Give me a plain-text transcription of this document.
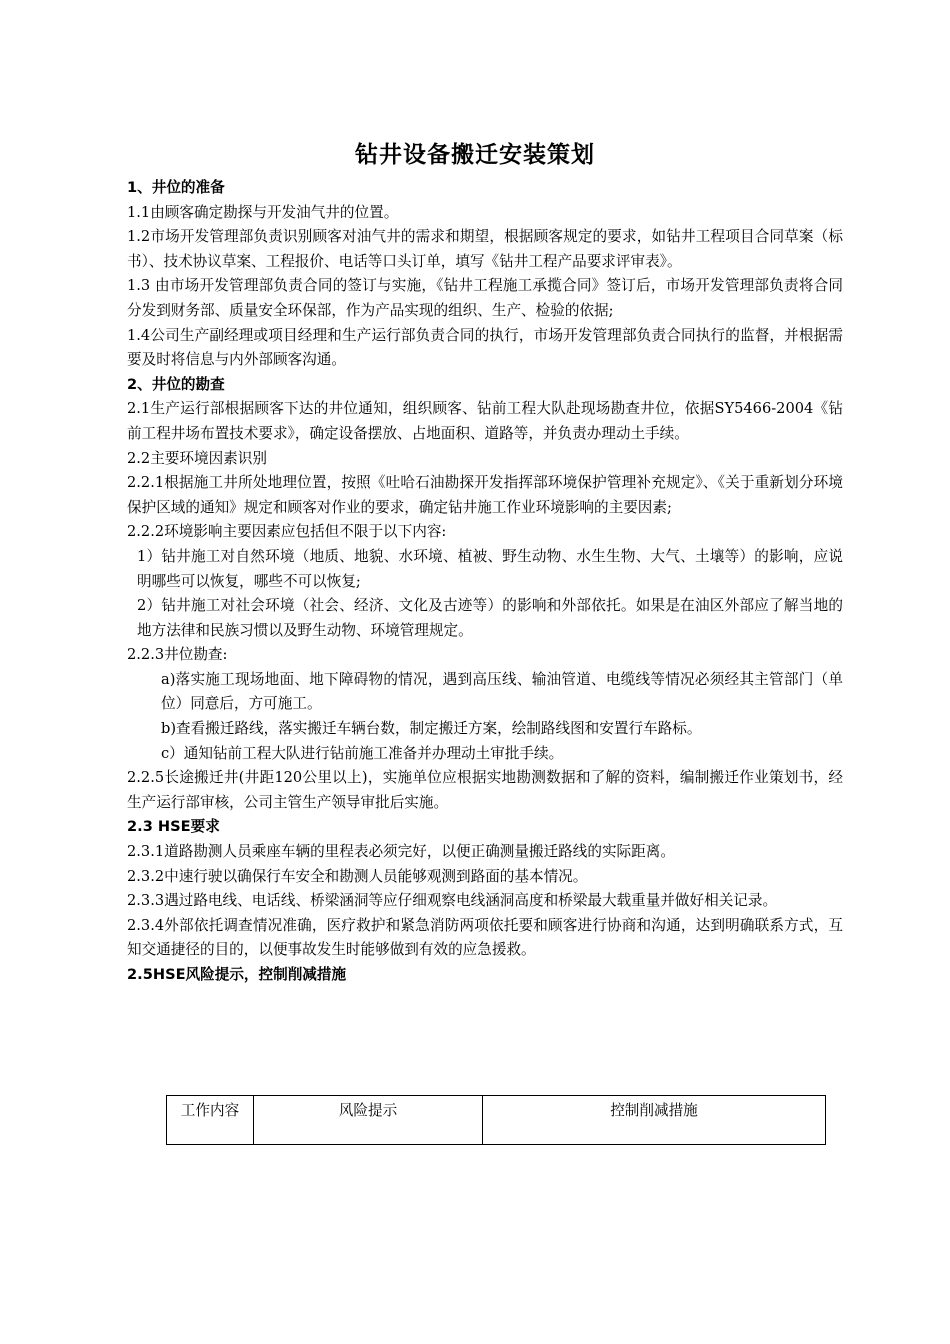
钻井设备搬迁安装策划

1、井位的准备

1.1由顾客确定勘探与开发油气井的位置。

1.2市场开发管理部负责识别顾客对油气井的需求和期望，根据顾客规定的要求，如钻井工程项目合同草案（标书）、技术协议草案、工程报价、电话等口头订单，填写《钻井工程产品要求评审表》。

1.3 由市场开发管理部负责合同的签订与实施，《钻井工程施工承揽合同》签订后，市场开发管理部负责将合同分发到财务部、质量安全环保部，作为产品实现的组织、生产、检验的依据;

1.4公司生产副经理或项目经理和生产运行部负责合同的执行，市场开发管理部负责合同执行的监督，并根据需要及时将信息与内外部顾客沟通。

2、井位的勘查

2.1生产运行部根据顾客下达的井位通知，组织顾客、钻前工程大队赴现场勘查井位，依据SY5466-2004《钻前工程井场布置技术要求》，确定设备摆放、占地面积、道路等，并负责办理动土手续。

2.2主要环境因素识别

2.2.1根据施工井所处地理位置，按照《吐哈石油勘探开发指挥部环境保护管理补充规定》、《关于重新划分环境保护区域的通知》规定和顾客对作业的要求，确定钻井施工作业环境影响的主要因素;

2.2.2环境影响主要因素应包括但不限于以下内容:

1）钻井施工对自然环境（地质、地貌、水环境、植被、野生动物、水生生物、大气、土壤等）的影响，应说明哪些可以恢复，哪些不可以恢复;

2）钻井施工对社会环境（社会、经济、文化及古迹等）的影响和外部依托。如果是在油区外部应了解当地的地方法律和民族习惯以及野生动物、环境管理规定。

2.2.3井位勘查:

a)落实施工现场地面、地下障碍物的情况，遇到高压线、输油管道、电缆线等情况必须经其主管部门（单位）同意后，方可施工。

b)查看搬迁路线，落实搬迁车辆台数，制定搬迁方案，绘制路线图和安置行车路标。

c）通知钻前工程大队进行钻前施工准备并办理动土审批手续。

2.2.5长途搬迁井(井距120公里以上)，实施单位应根据实地勘测数据和了解的资料，编制搬迁作业策划书，经生产运行部审核，公司主管生产领导审批后实施。

2.3 HSE要求

2.3.1道路勘测人员乘座车辆的里程表必须完好，以便正确测量搬迁路线的实际距离。

2.3.2中速行驶以确保行车安全和勘测人员能够观测到路面的基本情况。

2.3.3遇过路电线、电话线、桥梁涵洞等应仔细观察电线涵洞高度和桥梁最大载重量并做好相关记录。

2.3.4外部依托调查情况准确，医疗救护和紧急消防两项依托要和顾客进行协商和沟通，达到明确联系方式，互知交通捷径的目的，以便事故发生时能够做到有效的应急援救。

2.5HSE风险提示，控制削减措施

工作内容	风险提示	控制削减措施
